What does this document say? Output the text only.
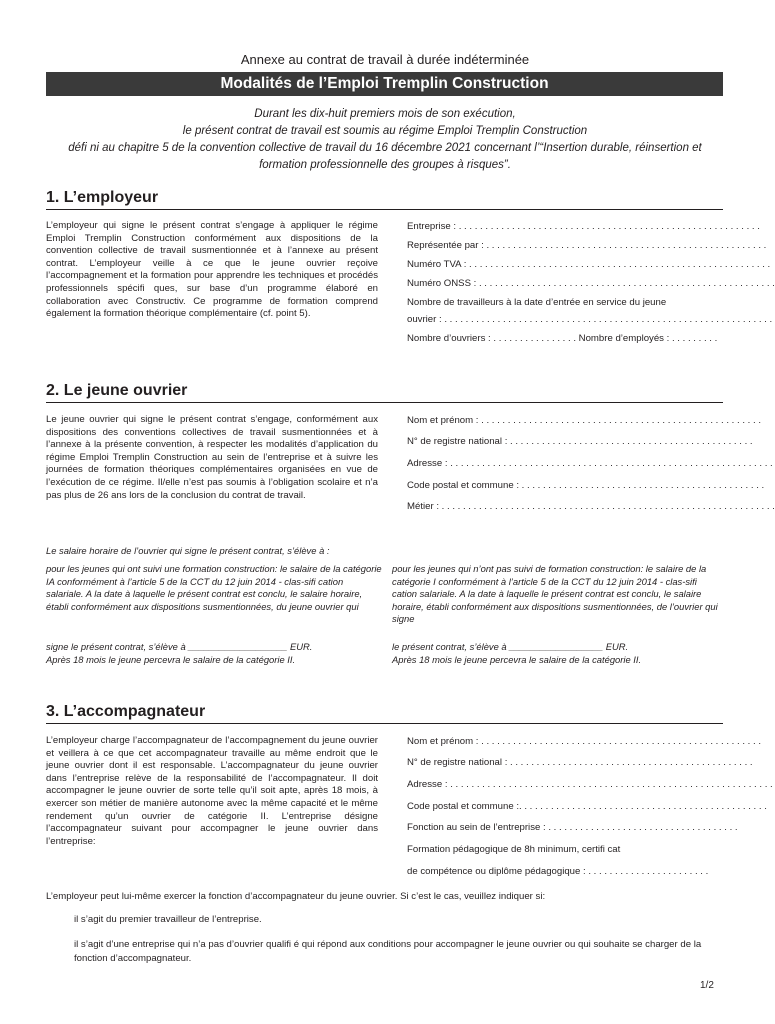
Annexe au contrat de travail à durée indéterminée
Modalités de l’Emploi Tremplin Construction
Durant les dix-huit premiers mois de son exécution,
le présent contrat de travail est soumis au régime Emploi Tremplin Construction
défi ni au chapitre 5 de la convention collective de travail du 16 décembre 2021 concernant l’“Insertion durable, réinsertion et
formation professionnelle des groupes à risques”.
1. L’employeur
L’employeur qui signe le présent contrat s’engage à appliquer le régime Emploi Tremplin Construction conformément aux dispositions de la convention collective de travail susmentionnée et à l’annexe au présent contrat. L’employeur veille à ce que le jeune ouvrier reçoive l’accompagnement et la formation pour apprendre les techniques et procédés professionnels spécifi ques, sur base d’un programme élaboré en collaboration avec Constructiv. Ce programme de formation comprend également la formation théorique complémentaire (cf. point 5).
Entreprise : . . . . . . . . . . . . . . . . . . . . . . . . . . . . . . . . . . . . . . . . . . . . . . . . . . . . . . . . .
Représentée par : . . . . . . . . . . . . . . . . . . . . . . . . . . . . . . . . . . . . . . . . . . . . . . . . . . . . .
Numéro TVA : . . . . . . . . . . . . . . . . . . . . . . . . . . . . . . . . . . . . . . . . . . . . . . . . . . . . . . . . .
Numéro ONSS : . . . . . . . . . . . . . . . . . . . . . . . . . . . . . . . . . . . . . . . . . . . . . . . . . . . . . . . .
Nombre de travailleurs à la date d’entrée en service du jeune
ouvrier : . . . . . . . . . . . . . . . . . . . . . . . . . . . . . . . . . . . . . . . . . . . . . . . . . . . . . . . . . . . . . .
Nombre d’ouvriers : . . . . . . . . . . . . . . . . Nombre d’employés : . . . . . . . . .
2. Le jeune ouvrier
Le jeune ouvrier qui signe le présent contrat s’engage, conformément aux dispositions des conventions collectives de travail susmentionnées et à l’annexe à la présente convention, à respecter les modalités d’application du régime Emploi Tremplin Construction au sein de l’entreprise et à suivre les journées de formation théoriques complémentaires organisées en vue de l’exécution de ce régime. Il/elle n’est pas soumis à l’obligation scolaire et n’a pas plus de 26 ans lors de la conclusion du contrat de travail.
Nom et prénom : . . . . . . . . . . . . . . . . . . . . . . . . . . . . . . . . . . . . . . . . . . . . . . . . . . . . .
N° de registre national : . . . . . . . . . . . . . . . . . . . . . . . . . . . . . . . . . . . . . . . . . . . . . .
Adresse : . . . . . . . . . . . . . . . . . . . . . . . . . . . . . . . . . . . . . . . . . . . . . . . . . . . . . . . . . . . . .
Code postal et commune : . . . . . . . . . . . . . . . . . . . . . . . . . . . . . . . . . . . . . . . . . . . . . .
Métier : . . . . . . . . . . . . . . . . . . . . . . . . . . . . . . . . . . . . . . . . . . . . . . . . . . . . . . . . . . . . . . .
Le salaire horaire de l’ouvrier qui signe le présent contrat, s’élève à :
pour les jeunes qui ont suivi une formation construction: le salaire de la catégorie IA conformément à l’article 5 de la CCT du 12 juin 2014 - clas-sifi cation salariale. A la date à laquelle le présent contrat est conclu, le salaire horaire, établi conformément aux dispositions susmentionnées, du jeune ouvrier qui
signe le présent contrat, s’élève à ___________________ EUR.
Après 18 mois le jeune percevra le salaire de la catégorie II.
pour les jeunes qui n’ont pas suivi de formation construction: le salaire de la catégorie I conformément à l’article 5 de la CCT du 12 juin 2014 - clas-sifi cation salariale. A la date à laquelle le présent contrat est conclu, le salaire horaire, établi conformément aux dispositions susmentionnées, de l’ouvrier qui signe
le présent contrat, s’élève à __________________ EUR.
Après 18 mois le jeune percevra le salaire de la catégorie II.
3. L’accompagnateur
L’employeur charge l’accompagnateur de l’accompagnement du jeune ouvrier et veillera à ce que cet accompagnateur travaille au même endroit que le jeune ouvrier dont il est responsable. L’accompagnateur du jeune ouvrier dans l’entreprise relève de la responsabilité de l’accompagnateur. Il doit accompagner le jeune ouvrier de sorte telle qu’il soit apte, après 18 mois, à exercer son métier de manière autonome avec la même capacité et le même rendement qu’un ouvrier de catégorie II. L’entreprise désigne l’accompagnateur suivant pour accompagner le jeune ouvrier dans l’entreprise:
Nom et prénom : . . . . . . . . . . . . . . . . . . . . . . . . . . . . . . . . . . . . . . . . . . . . . . . . . . . . .
N° de registre national : . . . . . . . . . . . . . . . . . . . . . . . . . . . . . . . . . . . . . . . . . . . . . .
Adresse : . . . . . . . . . . . . . . . . . . . . . . . . . . . . . . . . . . . . . . . . . . . . . . . . . . . . . . . . . . . . .
Code postal et commune :. . . . . . . . . . . . . . . . . . . . . . . . . . . . . . . . . . . . . . . . . . . . . . .
Fonction au sein de l’entreprise : . . . . . . . . . . . . . . . . . . . . . . . . . . . . . . . . . . . .
Formation pédagogique de 8h minimum, certifi cat
de compétence ou diplôme pédagogique : . . . . . . . . . . . . . . . . . . . . . . .
L’employeur peut lui-même exercer la fonction d’accompagnateur du jeune ouvrier. Si c’est le cas, veuillez indiquer si:
il s’agit du premier travailleur de l’entreprise.
il s’agit d’une entreprise qui n’a pas d’ouvrier qualifi é qui répond aux conditions pour accompagner le jeune ouvrier ou qui souhaite se charger de la fonction d’accompagnateur.
1/2
